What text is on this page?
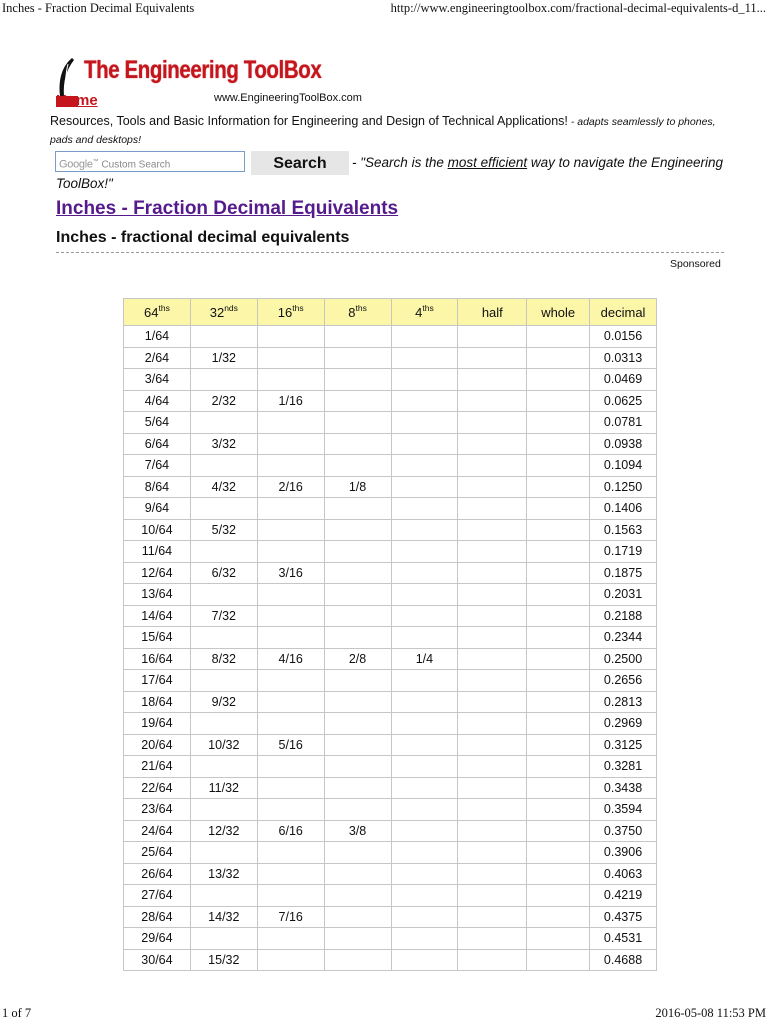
Inches - Fraction Decimal Equivalents	http://www.engineeringtoolbox.com/fractional-decimal-equivalents-d_11...
The Engineering ToolBox
Home	www.EngineeringToolBox.com
Resources, Tools and Basic Information for Engineering and Design of Technical Applications! - adapts seamlessly to phones, pads and desktops!
Google™ Custom Search	Search	- "Search is the most efficient way to navigate the Engineering
ToolBox!"
Inches - Fraction Decimal Equivalents
Inches - fractional decimal equivalents
Sponsored
$64^{ths}$	$32^{nds}$	$16^{ths}$	$8^{ths}$	$4^{ths}$	half	whole	decimal
1/64							0.0156
2/64	1/32						0.0313
3/64							0.0469
4/64	2/32	1/16					0.0625
5/64							0.0781
6/64	3/32						0.0938
7/64							0.1094
8/64	4/32	2/16	1/8				0.1250
9/64							0.1406
10/64	5/32						0.1563
11/64							0.1719
12/64	6/32	3/16					0.1875
13/64							0.2031
14/64	7/32						0.2188
15/64							0.2344
16/64	8/32	4/16	2/8	1/4			0.2500
17/64							0.2656
18/64	9/32						0.2813
19/64							0.2969
20/64	10/32	5/16					0.3125
21/64							0.3281
22/64	11/32						0.3438
23/64							0.3594
24/64	12/32	6/16	3/8				0.3750
25/64							0.3906
26/64	13/32						0.4063
27/64							0.4219
28/64	14/32	7/16					0.4375
29/64							0.4531
30/64	15/32						0.4688
1 of 7	2016-05-08 11:53 PM
